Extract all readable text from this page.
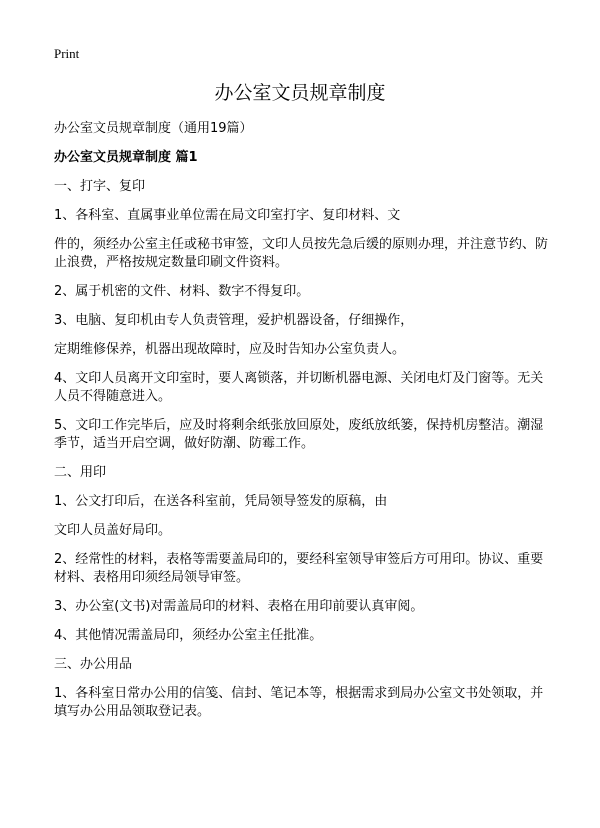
Print
办公室文员规章制度

办公室文员规章制度（通用19篇）

办公室文员规章制度 篇1

一、打字、复印

1、各科室、直属事业单位需在局文印室打字、复印材料、文

件的，须经办公室主任或秘书审签，文印人员按先急后缓的原则办理，并注意节约、防止浪费，严格按规定数量印刷文件资料。

2、属于机密的文件、材料、数字不得复印。

3、电脑、复印机由专人负责管理，爱护机器设备，仔细操作，

定期维修保养，机器出现故障时，应及时告知办公室负责人。

4、文印人员离开文印室时，要人离锁落，并切断机器电源、关闭电灯及门窗等。无关人员不得随意进入。

5、文印工作完毕后，应及时将剩余纸张放回原处，废纸放纸篓，保持机房整洁。潮湿季节，适当开启空调，做好防潮、防霉工作。

二、用印

1、公文打印后，在送各科室前，凭局领导签发的原稿，由

文印人员盖好局印。

2、经常性的材料，表格等需要盖局印的，要经科室领导审签后方可用印。协议、重要材料、表格用印须经局领导审签。

3、办公室(文书)对需盖局印的材料、表格在用印前要认真审阅。

4、其他情况需盖局印，须经办公室主任批准。

三、办公用品

1、各科室日常办公用的信笺、信封、笔记本等，根据需求到局办公室文书处领取，并填写办公用品领取登记表。
